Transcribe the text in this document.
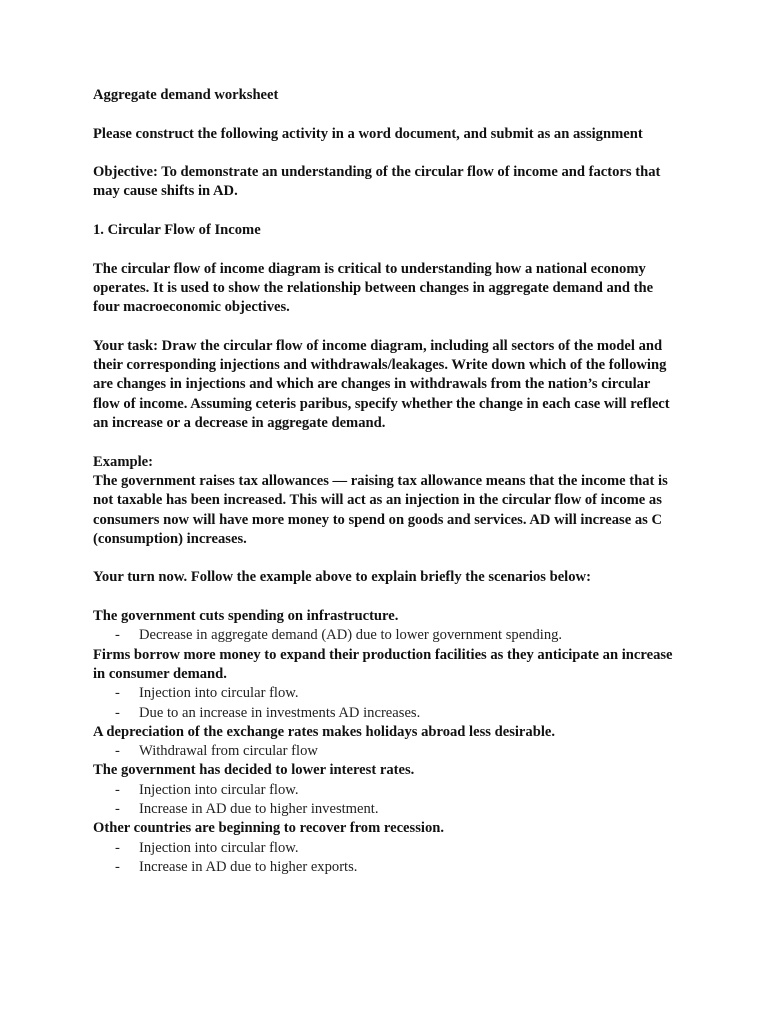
Aggregate demand worksheet

Please construct the following activity in a word document, and submit as an assignment

Objective: To demonstrate an understanding of the circular flow of income and factors that may cause shifts in AD.

1. Circular Flow of Income

The circular flow of income diagram is critical to understanding how a national economy operates. It is used to show the relationship between changes in aggregate demand and the four macroeconomic objectives.

Your task: Draw the circular flow of income diagram, including all sectors of the model and their corresponding injections and withdrawals/leakages. Write down which of the following are changes in injections and which are changes in withdrawals from the nation’s circular flow of income. Assuming ceteris paribus, specify whether the change in each case will reflect an increase or a decrease in aggregate demand.

Example:

The government raises tax allowances — raising tax allowance means that the income that is not taxable has been increased. This will act as an injection in the circular flow of income as consumers now will have more money to spend on goods and services. AD will increase as C (consumption) increases.

Your turn now. Follow the example above to explain briefly the scenarios below:

The government cuts spending on infrastructure.

- Decrease in aggregate demand (AD) due to lower government spending.

Firms borrow more money to expand their production facilities as they anticipate an increase in consumer demand.

- Injection into circular flow.
- Due to an increase in investments AD increases.

A depreciation of the exchange rates makes holidays abroad less desirable.

- Withdrawal from circular flow

The government has decided to lower interest rates.

- Injection into circular flow.
- Increase in AD due to higher investment.

Other countries are beginning to recover from recession.

- Injection into circular flow.
- Increase in AD due to higher exports.
